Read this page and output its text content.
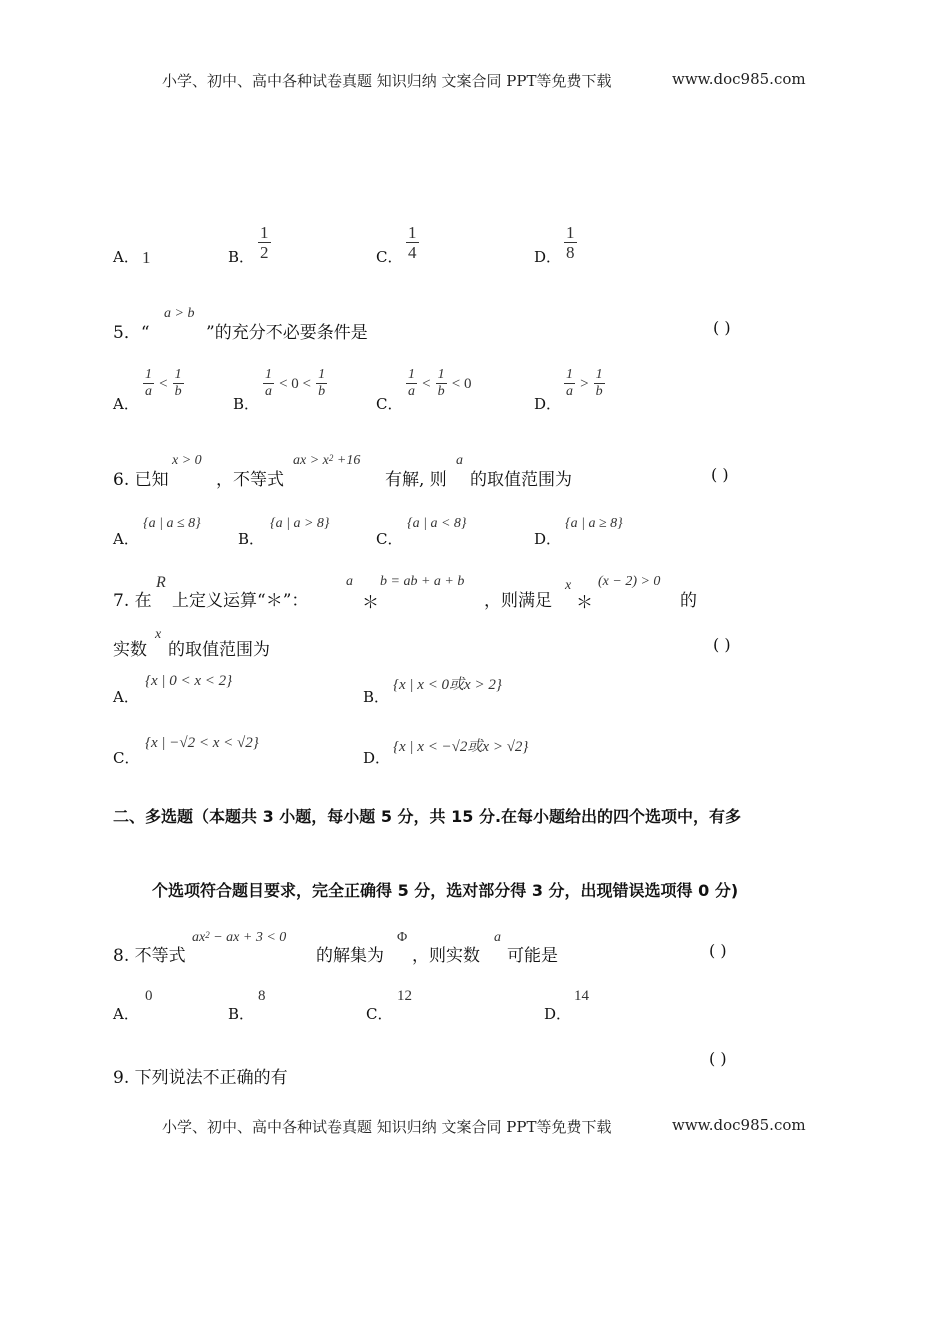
小学、初中、高中各种试卷真题 知识归纳 文案合同 PPT等免费下载	www.doc985.com
A． 1	B． $\frac{1}{2}$	C． $\frac{1}{4}$	D． $\frac{1}{8}$
5．“
a > b
”的充分不必要条件是	( )
A．
$\frac{1}{a} < \frac{1}{b}$
B．
$\frac{1}{a} < 0 < \frac{1}{b}$
C．
$\frac{1}{a} < \frac{1}{b} < 0$
D．
$\frac{1}{a} > \frac{1}{b}$
6. 已知
x > 0
，不等式
ax > $x^2 +16$
有解, 则
a
的取值范围为	( )
A．
{a | a ≤ 8}
B．
{a | a > 8}
C．
{a | a < 8}
D．
{a | a ≥ 8}
7. 在
R
上定义运算“＊”：
a
＊
b = ab + a + b
，则满足
x
＊
(x − 2) > 0
的
实数
x
的取值范围为	( )
A．
{x | 0 < x < 2}
B．
{x | x < 0或x > 2}
C．
{x | −√2 < x < √2}
D．
{x | x < −√2或x > √2}
二、多选题（本题共 3 小题，每小题 5 分，共 15 分.在每小题给出的四个选项中，有多
个选项符合题目要求，完全正确得 5 分，选对部分得 3 分，出现错误选项得 0 分)
8. 不等式
$ax^2$ − ax + 3 < 0
的解集为
Φ
，则实数
a
可能是	( )
A．
0
B．
8
C．
12
D．
14
( )
9. 下列说法不正确的有
小学、初中、高中各种试卷真题 知识归纳 文案合同 PPT等免费下载	www.doc985.com
